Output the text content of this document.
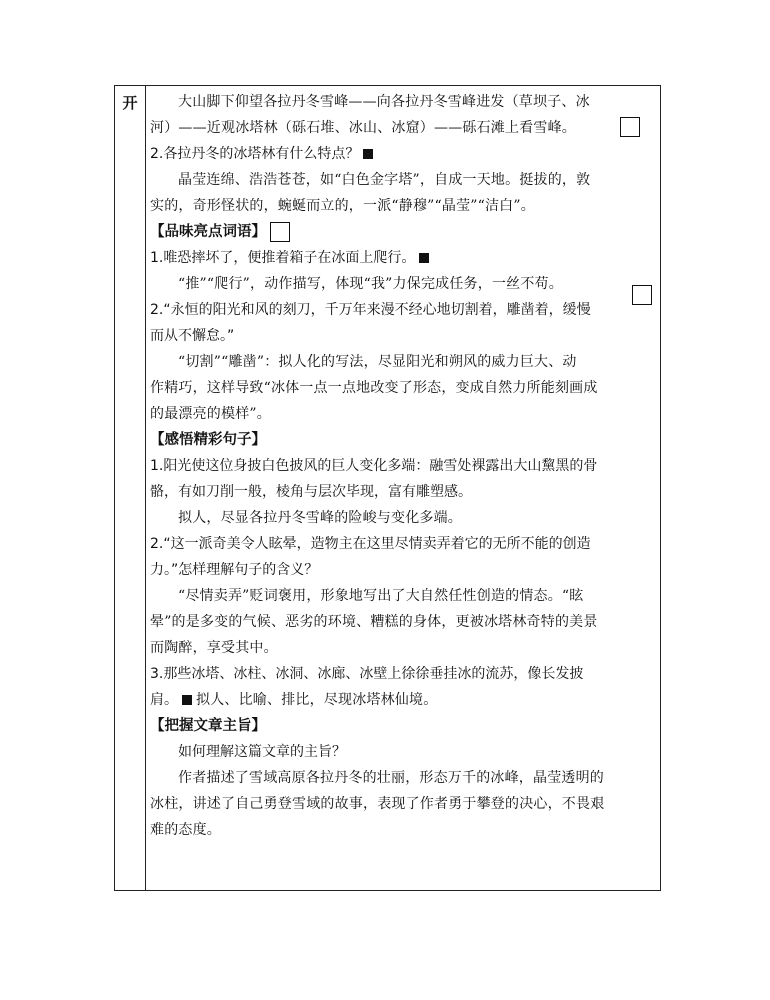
开	大山脚下仰望各拉丹冬雪峰——向各拉丹冬雪峰进发（草坝子、冰

河）——近观冰塔林（砾石堆、冰山、冰窟）——砾石滩上看雪峰。

2.各拉丹冬的冰塔林有什么特点？

晶莹连绵、浩浩苍苍，如“白色金字塔”，自成一天地。挺拔的，敦

实的，奇形怪状的，蜿蜒而立的，一派“静穆”“晶莹”“洁白”。

【品味亮点词语】

1.唯恐摔坏了，便推着箱子在冰面上爬行。

“推”“爬行”，动作描写，体现“我”力保完成任务，一丝不苟。

2.“永恒的阳光和风的刻刀，千万年来漫不经心地切割着，雕凿着，缓慢

而从不懈怠。”

“切割”“雕凿”：拟人化的写法，尽显阳光和朔风的威力巨大、动

作精巧，这样导致“冰体一点一点地改变了形态，变成自然力所能刻画成

的最漂亮的模样”。

【感悟精彩句子】

1.阳光使这位身披白色披风的巨人变化多端：融雪处裸露出大山黧黑的骨

骼，有如刀削一般，棱角与层次毕现，富有雕塑感。

拟人，尽显各拉丹冬雪峰的险峻与变化多端。

2.“这一派奇美令人眩晕，造物主在这里尽情卖弄着它的无所不能的创造

力。”怎样理解句子的含义？

“尽情卖弄”贬词褒用，形象地写出了大自然任性创造的情态。“眩

晕”的是多变的气候、恶劣的环境、糟糕的身体，更被冰塔林奇特的美景

而陶醉，享受其中。

3.那些冰塔、冰柱、冰洞、冰廊、冰壁上徐徐垂挂冰的流苏，像长发披

肩。 拟人、比喻、排比，尽现冰塔林仙境。

【把握文章主旨】

如何理解这篇文章的主旨？

作者描述了雪域高原各拉丹冬的壮丽，形态万千的冰峰，晶莹透明的

冰柱，讲述了自己勇登雪域的故事，表现了作者勇于攀登的决心，不畏艰

难的态度。
